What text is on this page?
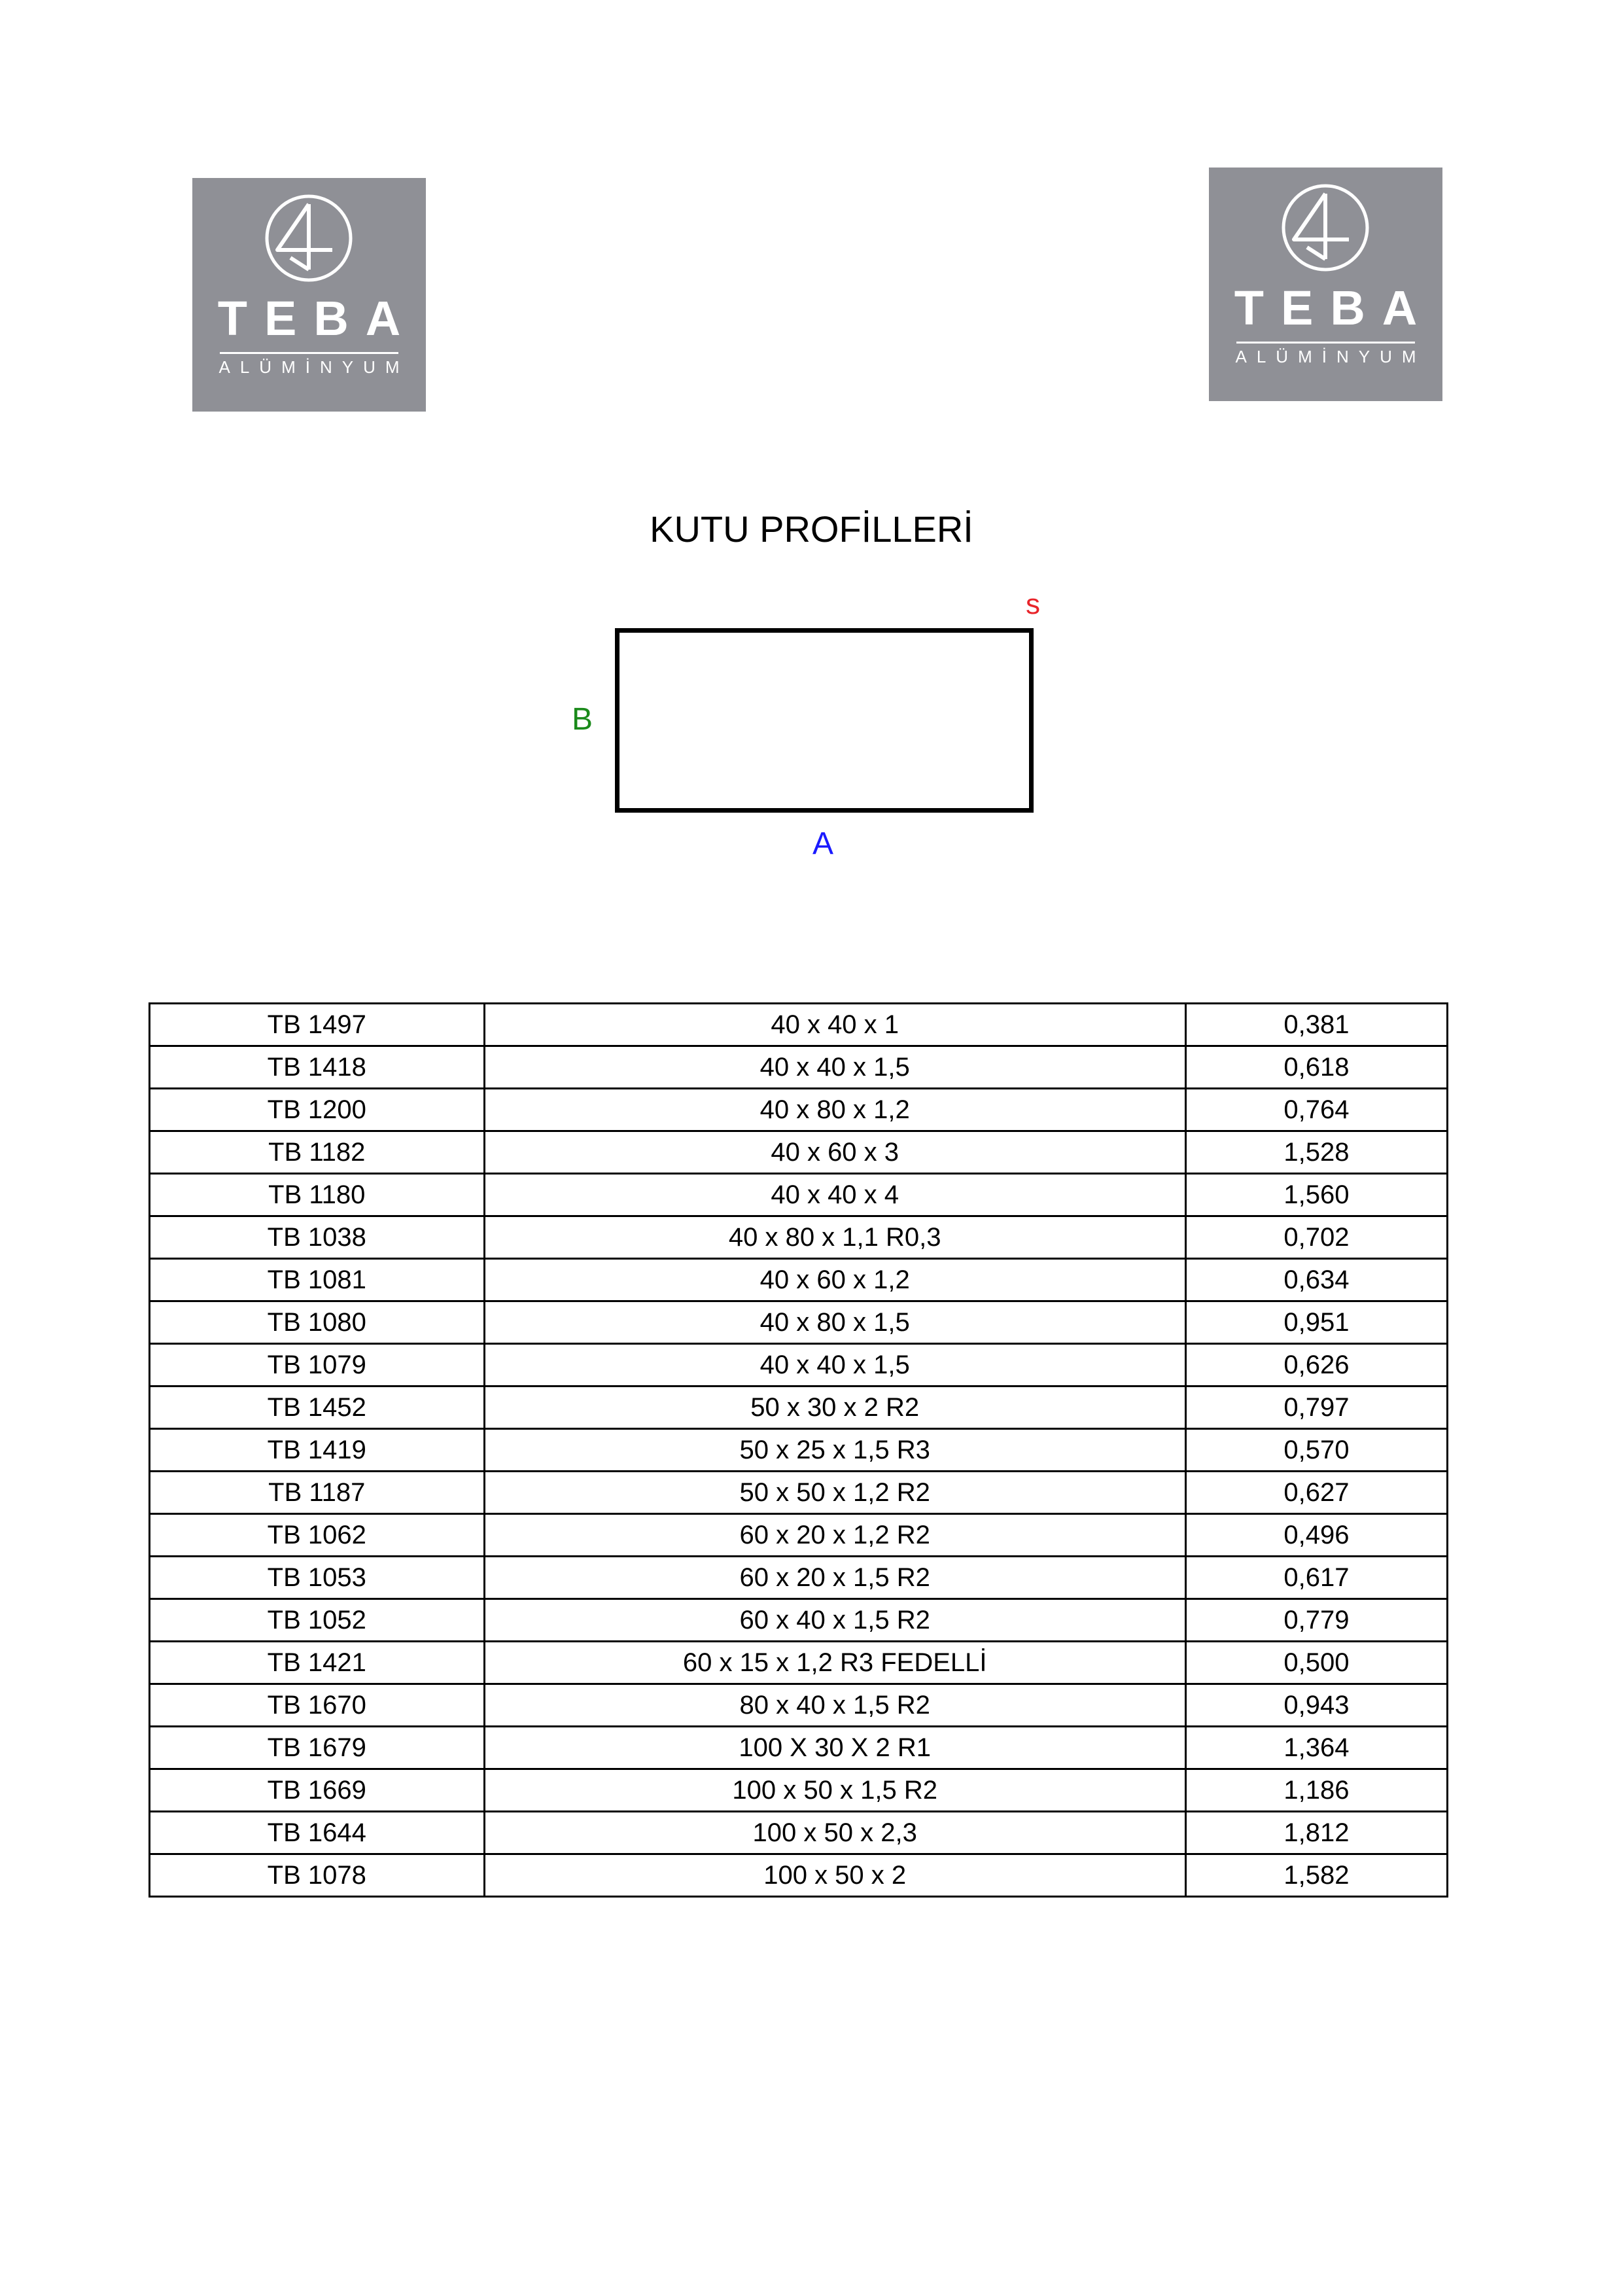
TEBA
ALÜMİNYUM
TEBA
ALÜMİNYUM
KUTU PROFİLLERİ
s
B
A
TB 1497	40 x 40 x 1	0,381
TB 1418	40 x 40 x 1,5	0,618
TB 1200	40 x 80 x 1,2	0,764
TB 1182	40 x 60 x 3	1,528
TB 1180	40 x 40 x 4	1,560
TB 1038	40 x 80 x 1,1 R0,3	0,702
TB 1081	40 x 60 x 1,2	0,634
TB 1080	40 x 80 x 1,5	0,951
TB 1079	40 x 40 x 1,5	0,626
TB 1452	50 x 30 x 2 R2	0,797
TB 1419	50 x 25 x 1,5 R3	0,570
TB 1187	50 x 50 x 1,2 R2	0,627
TB 1062	60 x 20 x 1,2 R2	0,496
TB 1053	60 x 20 x 1,5 R2	0,617
TB 1052	60 x 40 x 1,5 R2	0,779
TB 1421	60 x 15 x 1,2 R3 FEDELLİ	0,500
TB 1670	80 x 40 x 1,5 R2	0,943
TB 1679	100 X 30 X 2 R1	1,364
TB 1669	100 x 50 x 1,5 R2	1,186
TB 1644	100 x 50 x 2,3	1,812
TB 1078	100 x 50 x 2	1,582
